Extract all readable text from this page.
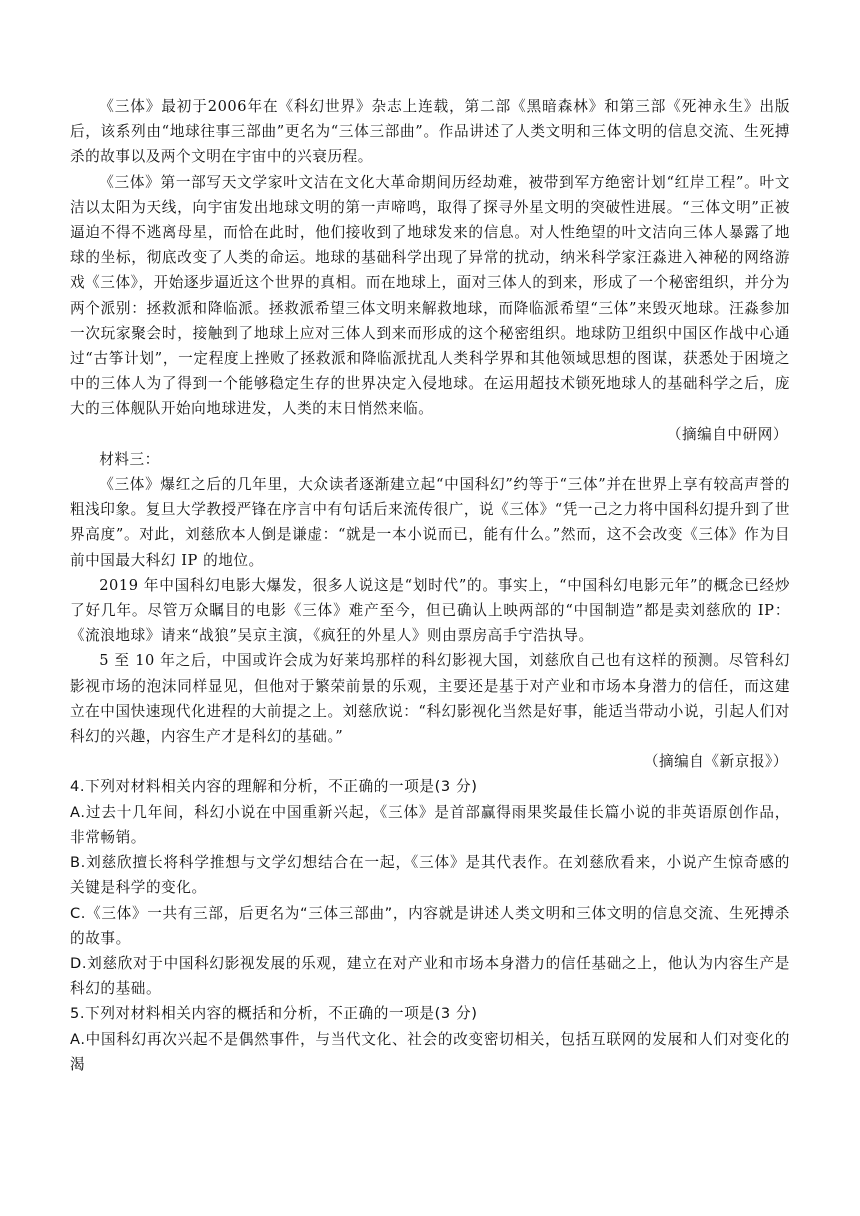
《三体》最初于2006年在《科幻世界》杂志上连载，第二部《黑暗森林》和第三部《死神永生》出版后，该系列由“地球往事三部曲”更名为“三体三部曲”。作品讲述了人类文明和三体文明的信息交流、生死搏杀的故事以及两个文明在宇宙中的兴衰历程。

《三体》第一部写天文学家叶文洁在文化大革命期间历经劫难，被带到军方绝密计划“红岸工程”。叶文洁以太阳为天线，向宇宙发出地球文明的第一声啼鸣，取得了探寻外星文明的突破性进展。“三体文明”正被逼迫不得不逃离母星，而恰在此时，他们接收到了地球发来的信息。对人性绝望的叶文洁向三体人暴露了地球的坐标，彻底改变了人类的命运。地球的基础科学出现了异常的扰动，纳米科学家汪淼进入神秘的网络游戏《三体》，开始逐步逼近这个世界的真相。而在地球上，面对三体人的到来，形成了一个秘密组织，并分为两个派别：拯救派和降临派。拯救派希望三体文明来解救地球，而降临派希望“三体”来毁灭地球。汪淼参加一次玩家聚会时，接触到了地球上应对三体人到来而形成的这个秘密组织。地球防卫组织中国区作战中心通过“古筝计划”，一定程度上挫败了拯救派和降临派扰乱人类科学界和其他领域思想的图谋，获悉处于困境之中的三体人为了得到一个能够稳定生存的世界决定入侵地球。在运用超技术锁死地球人的基础科学之后，庞大的三体舰队开始向地球进发，人类的末日悄然来临。

（摘编自中研网）

材料三：

《三体》爆红之后的几年里，大众读者逐渐建立起“中国科幻”约等于“三体”并在世界上享有较高声誉的粗浅印象。复旦大学教授严锋在序言中有句话后来流传很广，说《三体》“凭一己之力将中国科幻提升到了世界高度”。对此，刘慈欣本人倒是谦虚：“就是一本小说而已，能有什么。”然而，这不会改变《三体》作为目前中国最大科幻 IP 的地位。

2019 年中国科幻电影大爆发，很多人说这是“划时代”的。事实上，“中国科幻电影元年”的概念已经炒了好几年。尽管万众瞩目的电影《三体》难产至今，但已确认上映两部的“中国制造”都是卖刘慈欣的 IP：《流浪地球》请来“战狼”吴京主演，《疯狂的外星人》则由票房高手宁浩执导。

5 至 10 年之后，中国或许会成为好莱坞那样的科幻影视大国，刘慈欣自己也有这样的预测。尽管科幻影视市场的泡沫同样显见，但他对于繁荣前景的乐观，主要还是基于对产业和市场本身潜力的信任，而这建立在中国快速现代化进程的大前提之上。刘慈欣说：“科幻影视化当然是好事，能适当带动小说，引起人们对科幻的兴趣，内容生产才是科幻的基础。”

（摘编自《新京报》）

4.下列对材料相关内容的理解和分析，不正确的一项是(3 分)

A.过去十几年间，科幻小说在中国重新兴起，《三体》是首部赢得雨果奖最佳长篇小说的非英语原创作品，非常畅销。

B.刘慈欣擅长将科学推想与文学幻想结合在一起，《三体》是其代表作。在刘慈欣看来，小说产生惊奇感的关键是科学的变化。

C.《三体》一共有三部，后更名为“三体三部曲”，内容就是讲述人类文明和三体文明的信息交流、生死搏杀的故事。

D.刘慈欣对于中国科幻影视发展的乐观，建立在对产业和市场本身潜力的信任基础之上，他认为内容生产是科幻的基础。

5.下列对材料相关内容的概括和分析，不正确的一项是(3 分)

A.中国科幻再次兴起不是偶然事件，与当代文化、社会的改变密切相关，包括互联网的发展和人们对变化的渴
